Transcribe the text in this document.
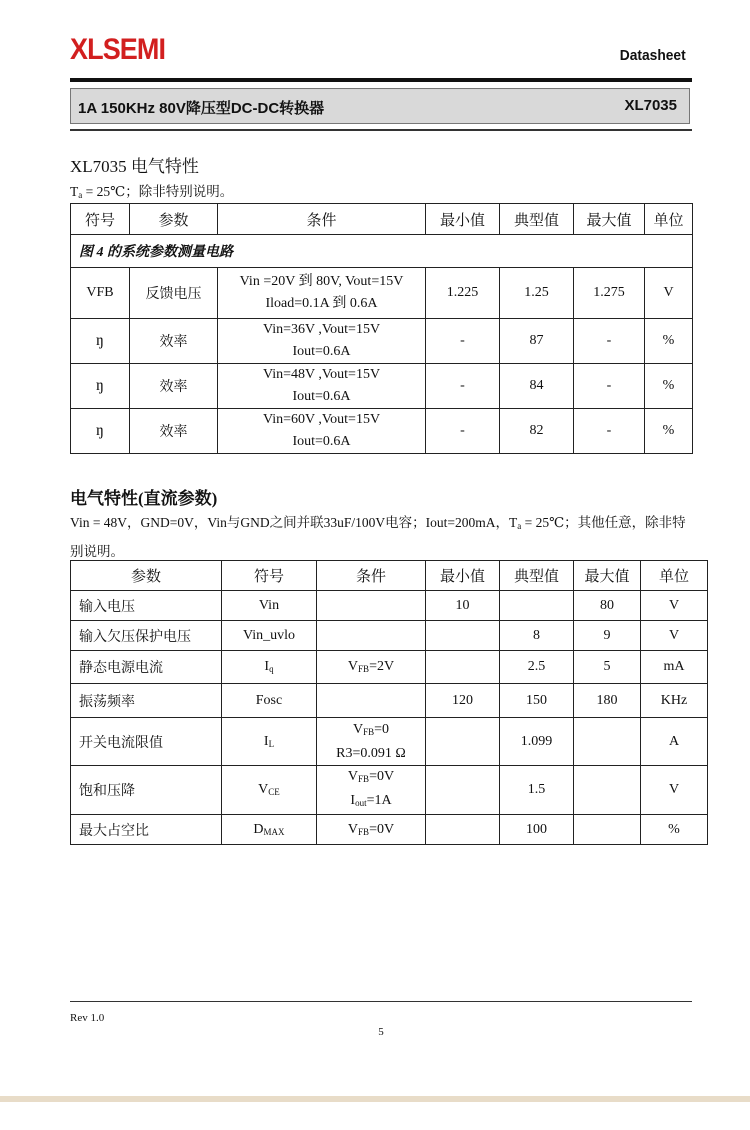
XLSEMI	Datasheet
1A 150KHz 80V降压型DC-DC转换器	XL7035
XL7035 电气特性
$T_a$ = 25℃；除非特别说明。
符号	参数	条件	最小值	典型值	最大值	单位
图 4 的系统参数测量电路						
VFB	反馈电压	Vin =20V 到 80V, Vout=15V
Iload=0.1A 到 0.6A	1.225	1.25	1.275	V
ŋ	效率	Vin=36V ,Vout=15V
Iout=0.6A	-	87	-	%
ŋ	效率	Vin=48V ,Vout=15V
Iout=0.6A	-	84	-	%
ŋ	效率	Vin=60V ,Vout=15V
Iout=0.6A	-	82	-	%
电气特性(直流参数)
Vin = 48V，GND=0V，Vin与GND之间并联33uF/100V电容；Iout=200mA，$T_a$ = 25℃；其他任意，除非特别说明。
参数	符号	条件	最小值	典型值	最大值	单位
输入电压	Vin		10		80	V
输入欠压保护电压	Vin_uvlo			8	9	V
静态电源电流	$I_q$	$V_{FB}=2V$		2.5	5	mA
振荡频率	Fosc		120	150	180	KHz
开关电流限值	$I_L$	$V_{FB}=0$
R3=0.091 Ω		1.099		A
饱和压降	$V_{CE}$	$V_{FB}=0V$
$I_{out}=1A$		1.5		V
最大占空比	$D_{MAX}$	$V_{FB}=0V$		100		%
Rev 1.0
5
